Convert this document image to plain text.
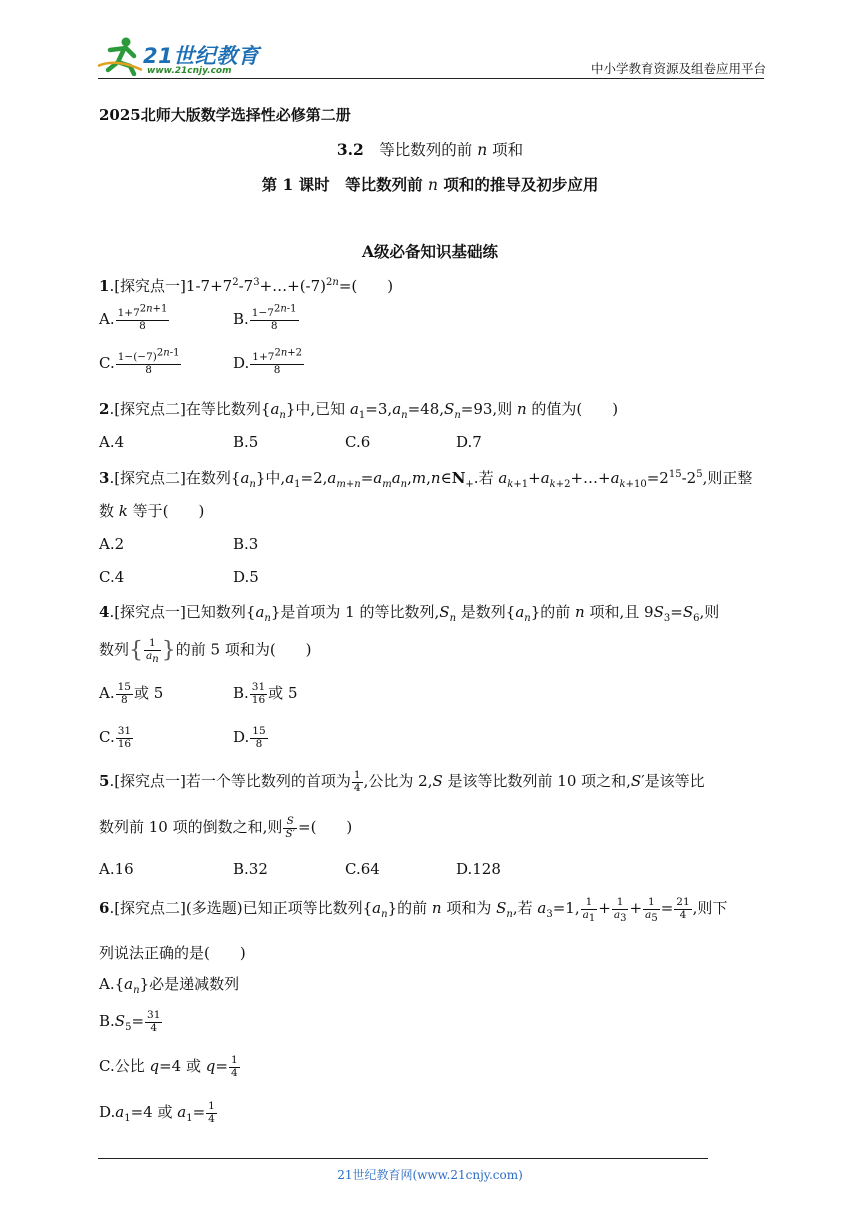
21世纪教育
www.21cnjy.com	中小学教育资源及组卷应用平台
2025北师大版数学选择性必修第二册
3.2　等比数列的前 n 项和
第 1 课时　等比数列前 n 项和的推导及初步应用
A级必备知识基础练
1.[探究点一]$1-7+7^2-7^3+\dots+(-7)^{2n}=$(　　)
A. $\frac{1+7^{2n+1}}{8}$	B. $\frac{1-7^{2n-1}}{8}$
C. $\frac{1-(-7)^{2n-1}}{8}$	D. $\frac{1+7^{2n+2}}{8}$
2.[探究点二]在等比数列$\{a_n\}$中,已知 $a_1=3,a_n=48,S_n=93$,则 n 的值为(　　)
A.4	B.5	C.6	D.7
3.[探究点二]在数列$\{a_n\}$中$,a_1=2,a_{m+n}=a_ma_n,m,n\in N_+$.若 $a_{k+1}+a_{k+2}+\dots+a_{k+10}=2^{15}-2^5$,则正整
数 k 等于(　　)
A.2	B.3
C.4	D.5
4.[探究点一]已知数列$\{a_n\}$是首项为 1 的等比数列$,S_n$ 是数列$\{a_n\}$的前 n 项和,且 $9S_3=S_6$,则
数列{ $\frac{1}{a_n}$ }的前 5 项和为(　　)
A. $\frac{15}{8}$ 或 5	B. $\frac{31}{16}$ 或 5
C. $\frac{31}{16}$	D. $\frac{15}{8}$
5.[探究点一]若一个等比数列的首项为 $\frac{1}{4}$ ,公比为 2,S 是该等比数列前 10 项之和,S′是该等比
数列前 10 项的倒数之和,则 $\frac{S}{S'}$ =(　　)
A.16	B.32	C.64	D.128
6.[探究点二](多选题)已知正项等比数列$\{a_n\}$的前 n 项和为 $S_n$,若 $a_3=1$, $\frac{1}{a_1} + \frac{1}{a_3} + \frac{1}{a_5} = \frac{21}{4}$ ,则下
列说法正确的是(　　)
$A.\{a_n\}$必是递减数列
$B.S_5= \frac{31}{4}$
C.公比 q=4 或 $q= \frac{1}{4}$
$D.a_1=4$ 或 $a_1= \frac{1}{4}$
21世纪教育网(www.21cnjy.com)
